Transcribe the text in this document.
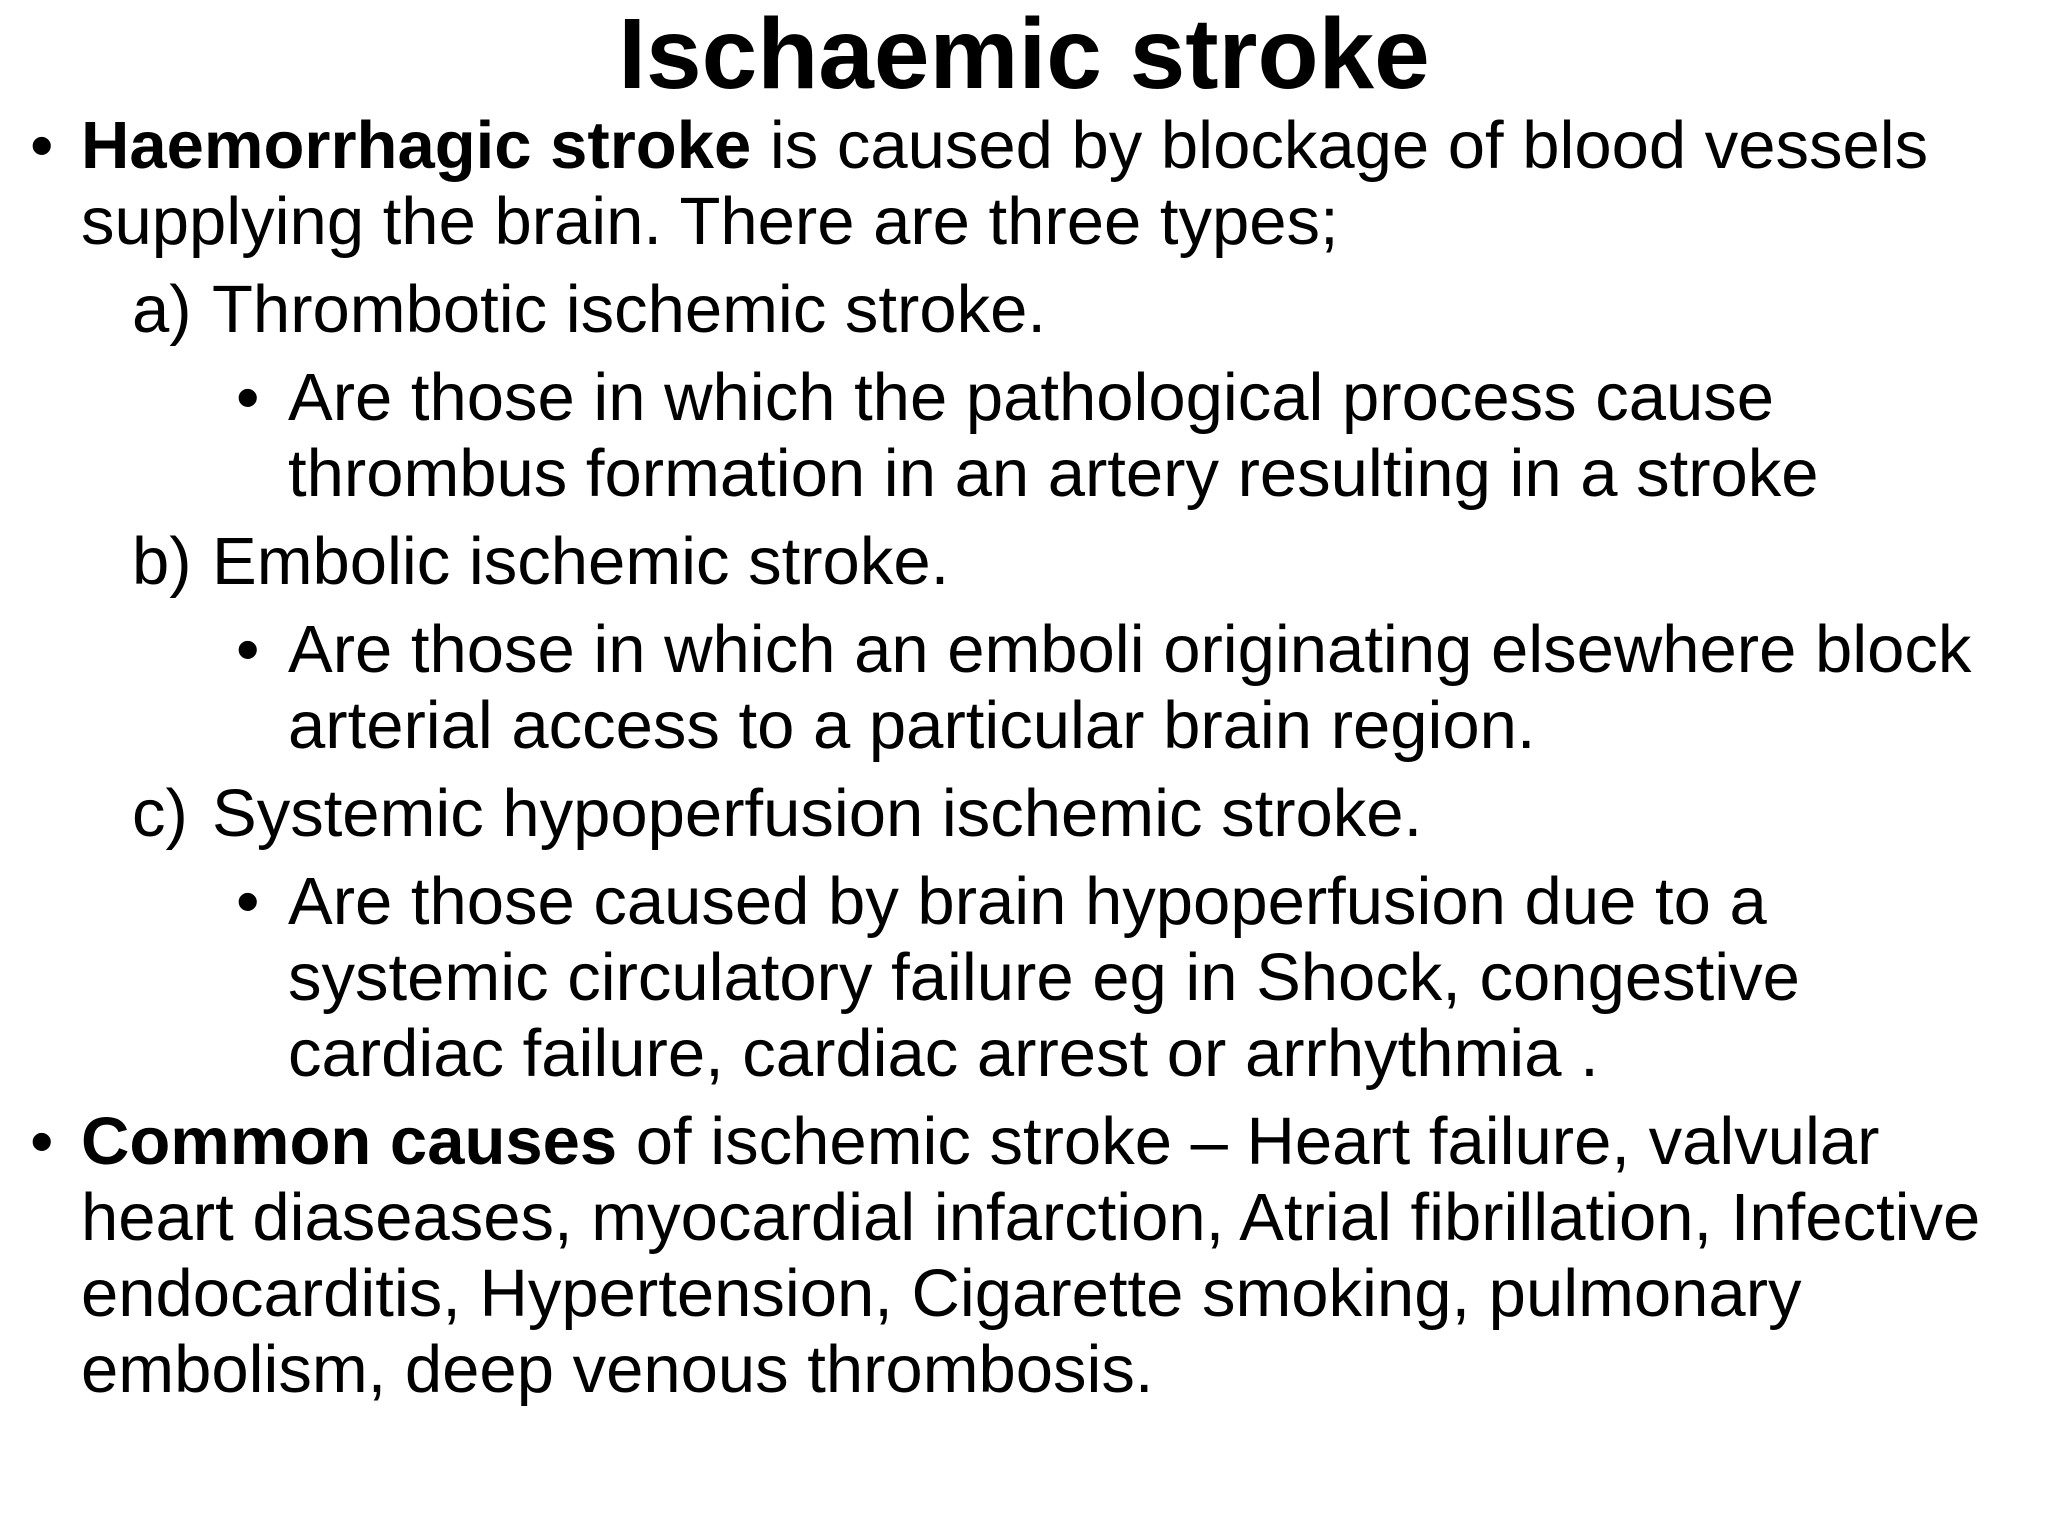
Ischaemic stroke
• Haemorrhagic stroke is caused by blockage of blood vessels supplying the brain. There are three types;
a) Thrombotic ischemic stroke.
• Are those in which the pathological process cause thrombus formation in an artery resulting in a stroke
b) Embolic ischemic stroke.
• Are those in which an emboli originating elsewhere block arterial access to a particular brain region.
c) Systemic hypoperfusion ischemic stroke.
• Are those caused by brain hypoperfusion due to a systemic circulatory failure eg in Shock, congestive cardiac failure, cardiac arrest or arrhythmia .
• Common causes of ischemic stroke – Heart failure, valvular heart diaseases, myocardial infarction, Atrial fibrillation, Infective endocarditis, Hypertension, Cigarette smoking, pulmonary embolism, deep venous thrombosis.
